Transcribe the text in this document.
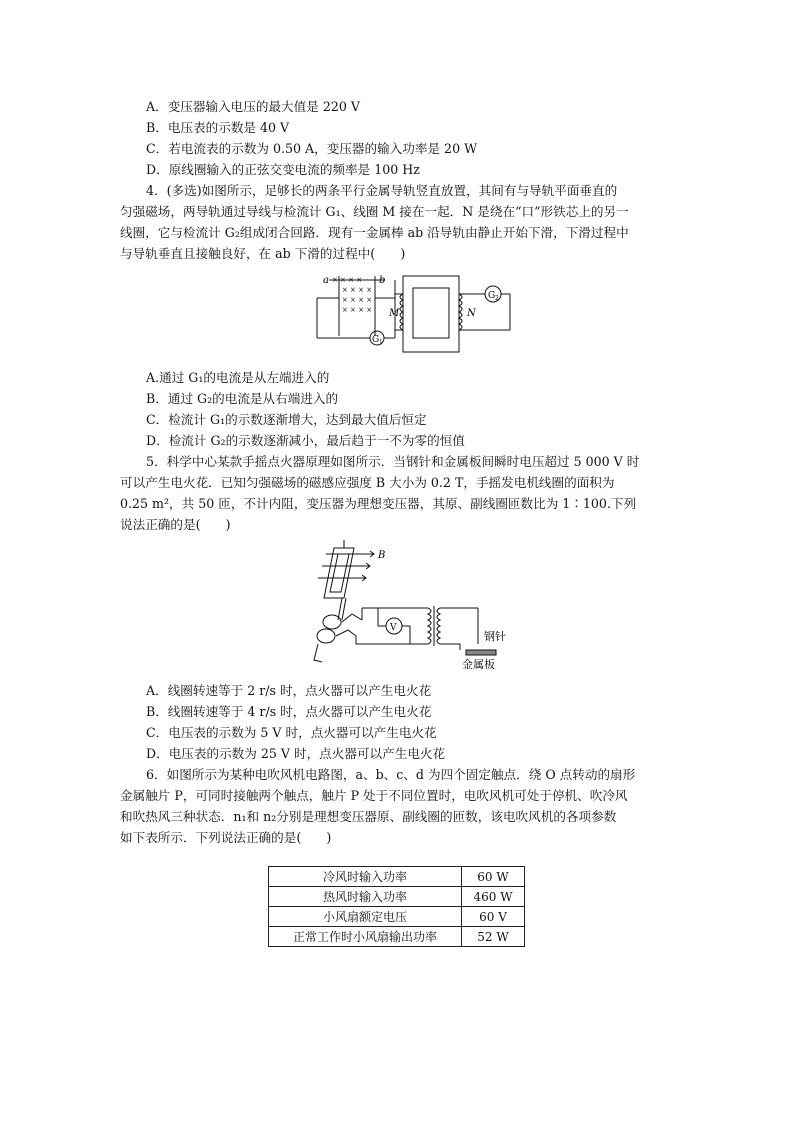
A．变压器输入电压的最大值是 220 V
B．电压表的示数是 40 V
C．若电流表的示数为 0.50 A，变压器的输入功率是 20 W
D．原线圈输入的正弦交变电流的频率是 100 Hz
4．(多选)如图所示，足够长的两条平行金属导轨竖直放置，其间有与导轨平面垂直的
匀强磁场，两导轨通过导线与检流计 G₁、线圈 M 接在一起．N 是绕在“口”形铁芯上的另一
线圈，它与检流计 G₂组成闭合回路．现有一金属棒 ab 沿导轨由静止开始下滑，下滑过程中
与导轨垂直且接触良好，在 ab 下滑的过程中(　　)
× × × ×
× × × ×
× × × ×
× × × ×
a	b
M	N
G 1
G 2
A.通过 G₁的电流是从左端进入的
B．通过 G₂的电流是从右端进入的
C．检流计 G₁的示数逐渐增大，达到最大值后恒定
D．检流计 G₂的示数逐渐减小，最后趋于一不为零的恒值
5．科学中心某款手摇点火器原理如图所示．当钢针和金属板间瞬时电压超过 5 000 V 时
可以产生电火花．已知匀强磁场的磁感应强度 B 大小为 0.2 T，手摇发电机线圈的面积为
0.25 m²，共 50 匝，不计内阻，变压器为理想变压器，其原、副线圈匝数比为 1∶100.下列
说法正确的是(　　)
B
V
钢针
金属板
A．线圈转速等于 2 r/s 时，点火器可以产生电火花
B．线圈转速等于 4 r/s 时，点火器可以产生电火花
C．电压表的示数为 5 V 时，点火器可以产生电火花
D．电压表的示数为 25 V 时，点火器可以产生电火花
6．如图所示为某种电吹风机电路图，a、b、c、d 为四个固定触点．绕 O 点转动的扇形
金属触片 P，可同时接触两个触点，触片 P 处于不同位置时，电吹风机可处于停机、吹冷风
和吹热风三种状态．n₁和 n₂分别是理想变压器原、副线圈的匝数，该电吹风机的各项参数
如下表所示．下列说法正确的是(　　)
冷风时输入功率	60 W
热风时输入功率	460 W
小风扇额定电压	60 V
正常工作时小风扇输出功率	52 W
